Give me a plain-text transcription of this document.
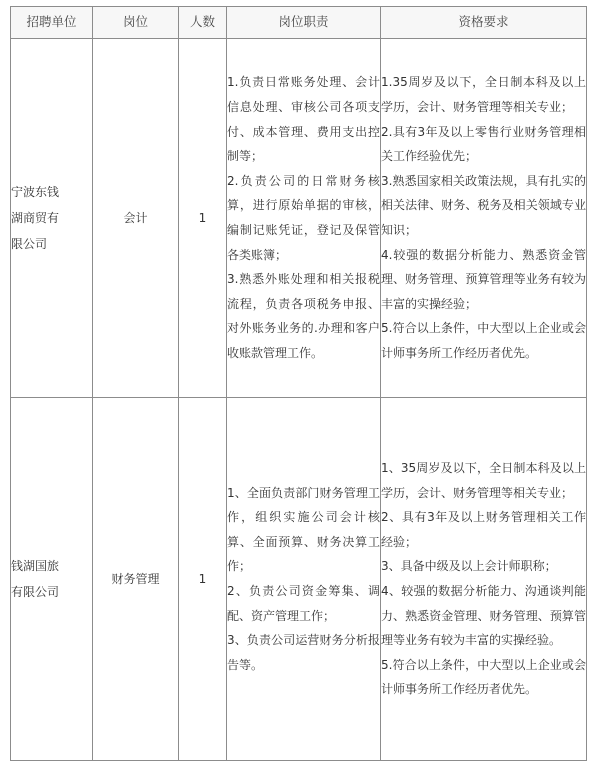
招聘单位	岗位	人数	岗位职责	资格要求

宁波东钱
湖商贸有
限公司	会计	1	1.负责日常账务处理、会计信息处理、审核公司各项支付、成本管理、费用支出控制等；
2.负责公司的日常财务核算，进行原始单据的审核，编制记账凭证，登记及保管各类账簿；
3.熟悉外账处理和相关报税流程，负责各项税务申报、对外账务业务的.办理和客户收账款管理工作。	1.35周岁及以下，全日制本科及以上学历，会计、财务管理等相关专业；
2.具有3年及以上零售行业财务管理相关工作经验优先；
3.熟悉国家相关政策法规，具有扎实的相关法律、财务、税务及相关领域专业知识；
4.较强的数据分析能力、熟悉资金管理、财务管理、预算管理等业务有较为丰富的实操经验；
5.符合以上条件，中大型以上企业或会计师事务所工作经历者优先。

钱湖国旅
有限公司	财务管理	1	1、全面负责部门财务管理工作，组织实施公司会计核算、全面预算、财务决算工作；
2、负责公司资金筹集、调配、资产管理工作；
3、负责公司运营财务分析报告等。	1、35周岁及以下，全日制本科及以上学历，会计、财务管理等相关专业；
2、具有3年及以上财务管理相关工作经验；
3、具备中级及以上会计师职称；
4、较强的数据分析能力、沟通谈判能力、熟悉资金管理、财务管理、预算管理等业务有较为丰富的实操经验。
5.符合以上条件，中大型以上企业或会计师事务所工作经历者优先。
